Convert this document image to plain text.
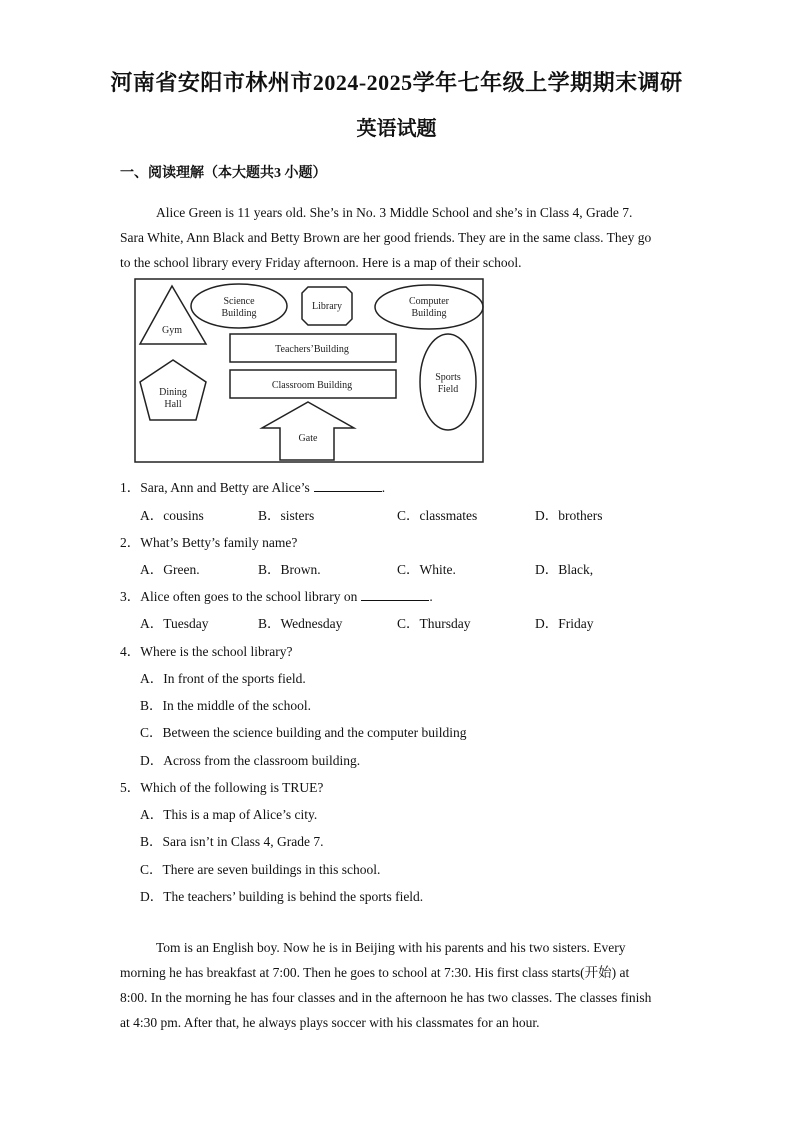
河南省安阳市林州市2024-2025学年七年级上学期期末调研
英语试题
一、阅读理解（本大题共3 小题）
Alice Green is 11 years old. She’s in No. 3 Middle School and she’s in Class 4, Grade 7.
Sara White, Ann Black and Betty Brown are her good friends. They are in the same class. They go
to the school library every Friday afternoon. Here is a map of their school.
Gym
Science
Building
Library	Computer
Building
Teachers’Building
Classroom Building
Dining
Hall
Sports
Field
Gate
1．Sara, Ann and Betty are Alice’s	.
A．cousins	B．sisters	C．classmates	D．brothers
2．What’s Betty’s family name?
A．Green.	B．Brown.	C．White.	D．Black,
3．Alice often goes to the school library on	.
A．Tuesday	B．Wednesday	C．Thursday	D．Friday
4．Where is the school library?
A．In front of the sports field.
B．In the middle of the school.
C．Between the science building and the computer building
D．Across from the classroom building.
5．Which of the following is TRUE?
A．This is a map of Alice’s city.
B．Sara isn’t in Class 4, Grade 7.
C．There are seven buildings in this school.
D．The teachers’ building is behind the sports field.
Tom is an English boy. Now he is in Beijing with his parents and his two sisters. Every
morning he has breakfast at 7:00. Then he goes to school at 7:30. His first class starts(开始) at
8:00. In the morning he has four classes and in the afternoon he has two classes. The classes finish
at 4:30 pm. After that, he always plays soccer with his classmates for an hour.
